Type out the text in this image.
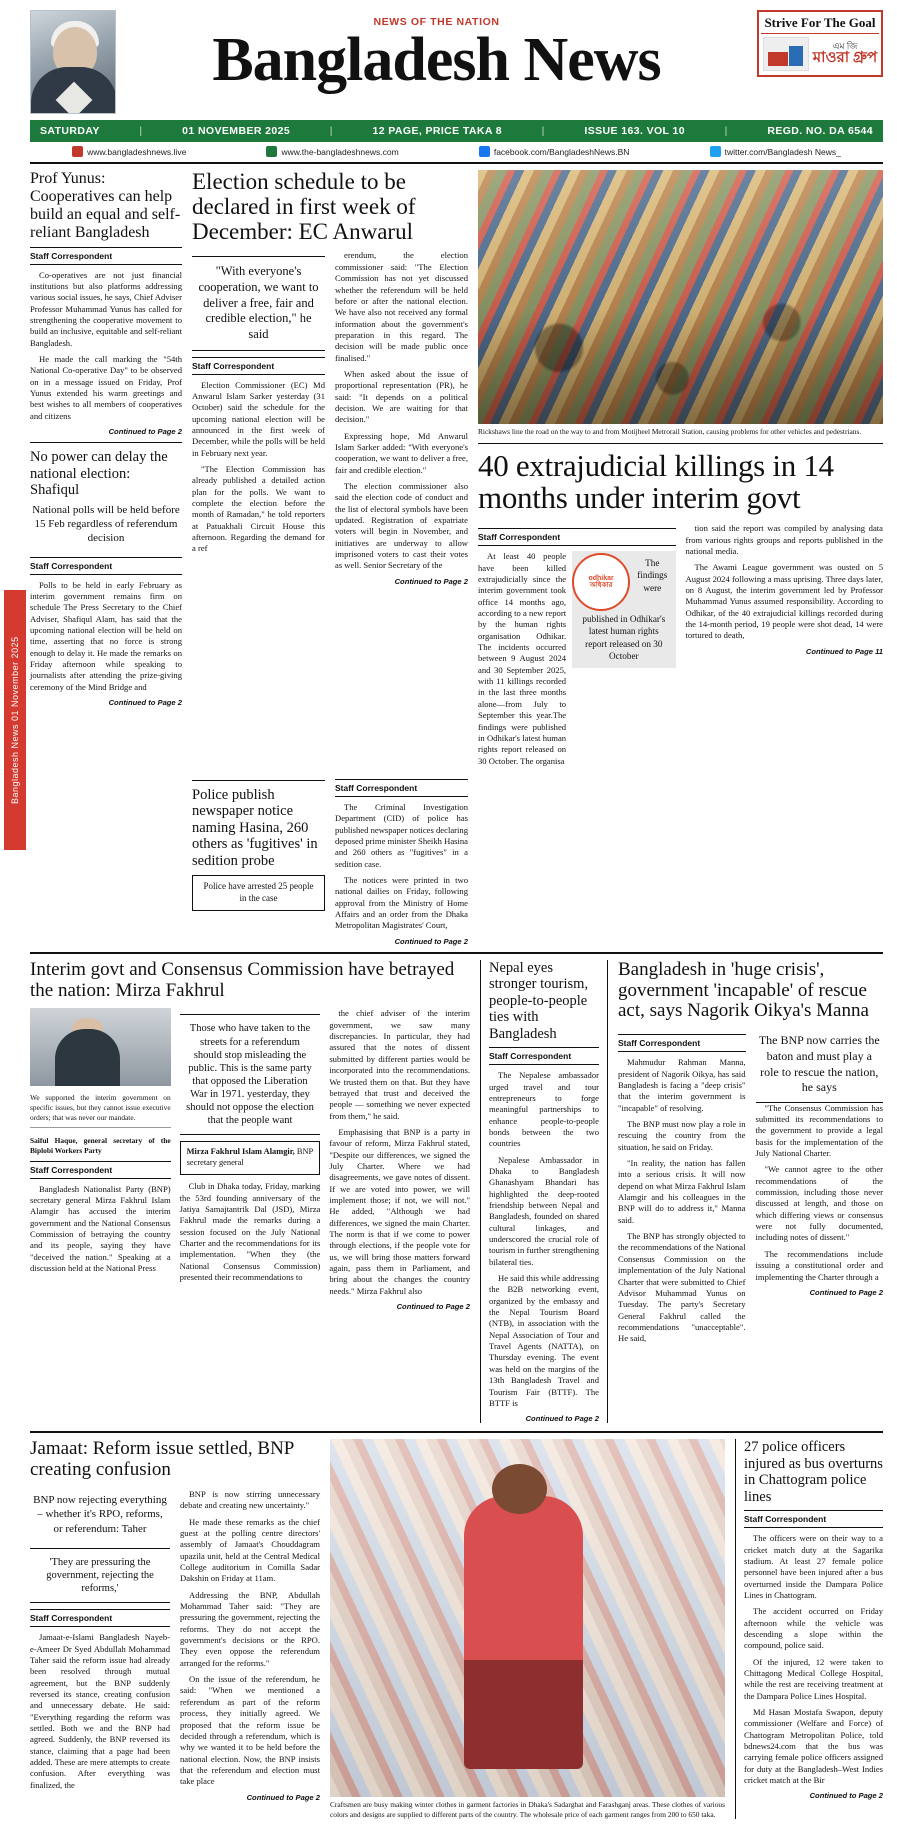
Bangladesh News 01 November 2025
NEWS OF THE NATION
Bangladesh News
Strive For The Goal
এম জি
মাওরা গ্রুপ
SATURDAY	|	01 NOVEMBER 2025	|	12 PAGE, PRICE TAKA 8	|	ISSUE 163. VOL 10	|	REGD. NO. DA 6544
www.bangladeshnews.live	www.the-bangladeshnews.com	facebook.com/BangladeshNews.BN	twitter.com/Bangladesh News_
Prof Yunus: Cooperatives can help build an equal and self-reliant Bangladesh
Staff Correspondent

Co-operatives are not just financial institutions but also platforms addressing various social issues, he says, Chief Adviser Professor Muhammad Yunus has called for strengthening the cooperative movement to build an inclusive, equitable and self-reliant Bangladesh.

He made the call marking the "54th National Co-operative Day" to be observed on in a message issued on Friday, Prof Yunus extended his warm greetings and best wishes to all members of cooperatives and citizens

Continued to Page 2
No power can delay the national election: Shafiqul
National polls will be held before 15 Feb regardless of referendum decision
Staff Correspondent

Polls to be held in early February as interim government remains firm on schedule The Press Secretary to the Chief Adviser, Shafiqul Alam, has said that the upcoming national election will be held on time, asserting that no force is strong enough to delay it. He made the remarks on Friday afternoon while speaking to journalists after attending the prize-giving ceremony of the Mind Bridge and

Continued to Page 2
Election schedule to be declared in first week of December: EC Anwarul
"With everyone's cooperation, we want to deliver a free, fair and credible election," he said
Staff Correspondent

Election Commissioner (EC) Md Anwarul Islam Sarker yesterday (31 October) said the schedule for the upcoming national election will be announced in the first week of December, while the polls will be held in February next year.

"The Election Commission has already published a detailed action plan for the polls. We want to complete the election before the month of Ramadan," he told reporters at Patuakhali Circuit House this afternoon. Regarding the demand for a ref

erendum, the election commissioner said: "The Election Commission has not yet discussed whether the referendum will be held before or after the national election. We have also not received any formal information about the government's preparation in this regard. The decision will be made public once finalised."

When asked about the issue of proportional representation (PR), he said: "It depends on a political decision. We are waiting for that decision."

Expressing hope, Md Anwarul Islam Sarker added: "With everyone's cooperation, we want to deliver a free, fair and credible election."

The election commissioner also said the election code of conduct and the list of electoral symbols have been updated. Registration of expatriate voters will begin in November, and initiatives are underway to allow imprisoned voters to cast their votes as well. Senior Secretary of the

Continued to Page 2
Rickshaws line the road on the way to and from Motijheel Metrorail Station, causing problems for other vehicles and pedestrians.
40 extrajudicial killings in 14 months under interim govt
Staff Correspondent

At least 40 people have been killed extrajudicially since the interim government took office 14 months ago, according to a new report by the human rights organisation Odhikar. The incidents occurred between 9 August 2024 and 30 September 2025, with 11 killings recorded in the last three months alone—from July to September this year.The findings were published in Odhikar's latest human rights report released on 30 October. The organisa

odhikar
অধিকার
The findings were published in Odhikar's latest human rights report released on 30 October

tion said the report was compiled by analysing data from various rights groups and reports published in the national media.

The Awami League government was ousted on 5 August 2024 following a mass uprising. Three days later, on 8 August, the interim government led by Professor Muhammad Yunus assumed responsibility. According to Odhikar, of the 40 extrajudicial killings recorded during the 14-month period, 19 people were shot dead, 14 were tortured to death,

Continued to Page 11
Police publish newspaper notice naming Hasina, 260 others as 'fugitives' in sedition probe
Police have arrested 25 people in the case
Staff Correspondent

The Criminal Investigation Department (CID) of police has published newspaper notices declaring deposed prime minister Sheikh Hasina and 260 others as "fugitives" in a sedition case.

The notices were printed in two national dailies on Friday, following approval from the Ministry of Home Affairs and an order from the Dhaka Metropolitan Magistrates' Court,

Continued to Page 2
Interim govt and Consensus Commission have betrayed the nation: Mirza Fakhrul
We supported the interim government on specific issues, but they cannot issue executive orders; that was never our mandate.
Saiful Haque, general secretary of the Biplobi Workers Party
Staff Correspondent

Bangladesh Nationalist Party (BNP) secretary general Mirza Fakhrul Islam Alamgir has accused the interim government and the National Consensus Commission of betraying the country and its people, saying they have "deceived the nation." Speaking at a discussion held at the National Press

Those who have taken to the streets for a referendum should stop misleading the public. This is the same party that opposed the Liberation War in 1971. yesterday, they should not oppose the election that the people want
Mirza Fakhrul Islam Alamgir, BNP secretary general

Club in Dhaka today, Friday, marking the 53rd founding anniversary of the Jatiya Samajtantrik Dal (JSD), Mirza Fakhrul made the remarks during a session focused on the July National Charter and the recommendations for its implementation. "When they (the National Consensus Commission) presented their recommendations to

the chief adviser of the interim government, we saw many discrepancies. In particular, they had assured that the notes of dissent submitted by different parties would be incorporated into the recommendations. We trusted them on that. But they have betrayed that trust and deceived the people — something we never expected from them," he said.

Emphasising that BNP is a party in favour of reform, Mirza Fakhrul stated, "Despite our differences, we signed the July Charter. Where we had disagreements, we gave notes of dissent. If we are voted into power, we will implement those; if not, we will not." He added, "Although we had differences, we signed the main Charter. The norm is that if we come to power through elections, if the people vote for us, we will bring those matters forward again, pass them in Parliament, and bring about the changes the country needs." Mirza Fakhrul also

Continued to Page 2
Nepal eyes stronger tourism, people-to-people ties with Bangladesh
Staff Correspondent

The Nepalese ambassador urged travel and tour entrepreneurs to forge meaningful partnerships to enhance people-to-people bonds between the two countries

Nepalese Ambassador in Dhaka to Bangladesh Ghanashyam Bhandari has highlighted the deep-rooted friendship between Nepal and Bangladesh, founded on shared cultural linkages, and underscored the crucial role of tourism in further strengthening bilateral ties.

He said this while addressing the B2B networking event, organized by the embassy and the Nepal Tourism Board (NTB), in association with the Nepal Association of Tour and Travel Agents (NATTA), on Thursday evening. The event was held on the margins of the 13th Bangladesh Travel and Tourism Fair (BTTF). The BTTF is

Continued to Page 2
Bangladesh in 'huge crisis', government 'incapable' of rescue act, says Nagorik Oikya's Manna
Staff Correspondent

Mahmudur Rahman Manna, president of Nagorik Oikya, has said Bangladesh is facing a "deep crisis" that the interim government is "incapable" of resolving.

The BNP must now play a role in rescuing the country from the situation, he said on Friday.

"In reality, the nation has fallen into a serious crisis. It will now depend on what Mirza Fakhrul Islam Alamgir and his colleagues in the BNP will do to address it," Manna said.

The BNP has strongly objected to the recommendations of the National Consensus Commission on the implementation of the July National Charter that were submitted to Chief Advisor Muhammad Yunus on Tuesday. The party's Secretary General Fakhrul called the recommendations "unacceptable". He said,

The BNP now carries the baton and must play a role to rescue the nation, he says

"The Consensus Commission has submitted its recommendations to the government to provide a legal basis for the implementation of the July National Charter.

"We cannot agree to the other recommendations of the commission, including those never discussed at length, and those on which differing views or consensus were not fully documented, including notes of dissent."

The recommendations include issuing a constitutional order and implementing the Charter through a

Continued to Page 2
Jamaat: Reform issue settled, BNP creating confusion
BNP now rejecting everything – whether it's RPO, reforms, or referendum: Taher
'They are pressuring the government, rejecting the reforms,'
Staff Correspondent

Jamaat-e-Islami Bangladesh Nayeb-e-Ameer Dr Syed Abdullah Mohammad Taher said the reform issue had already been resolved through mutual agreement, but the BNP suddenly reversed its stance, creating confusion and unnecessary debate. He said: "Everything regarding the reform was settled. Both we and the BNP had agreed. Suddenly, the BNP reversed its stance, claiming that a page had been added. These are mere attempts to create confusion. After everything was finalized, the

BNP is now stirring unnecessary debate and creating new uncertainty."

He made these remarks as the chief guest at the polling centre directors' assembly of Jamaat's Chouddagram upazila unit, held at the Central Medical College auditorium in Comilla Sadar Dakshin on Friday at 11am.

Addressing the BNP, Abdullah Mohammad Taher said: "They are pressuring the government, rejecting the reforms. They do not accept the government's decisions or the RPO. They even oppose the referendum arranged for the reforms."

On the issue of the referendum, he said: "When we mentioned a referendum as part of the reform process, they initially agreed. We proposed that the reform issue be decided through a referendum, which is why we wanted it to be held before the national election. Now, the BNP insists that the referendum and election must take place

Continued to Page 2
Craftsmen are busy making winter clothes in garment factories in Dhaka's Sadarghat and Farashganj areas. These clothes of various colors and designs are supplied to different parts of the country. The wholesale price of each garment ranges from 200 to 650 taka.
27 police officers injured as bus overturns in Chattogram police lines
Staff Correspondent

The officers were on their way to a cricket match duty at the Sagarika stadium. At least 27 female police personnel have been injured after a bus overturned inside the Dampara Police Lines in Chattogram.

The accident occurred on Friday afternoon while the vehicle was descending a slope within the compound, police said.

Of the injured, 12 were taken to Chittagong Medical College Hospital, while the rest are receiving treatment at the Dampara Police Lines Hospital.

Md Hasan Mostafa Swapon, deputy commissioner (Welfare and Force) of Chattogram Metropolitan Police, told bdnews24.com that the bus was carrying female police officers assigned for duty at the Bangladesh–West Indies cricket match at the Bir

Continued to Page 2
